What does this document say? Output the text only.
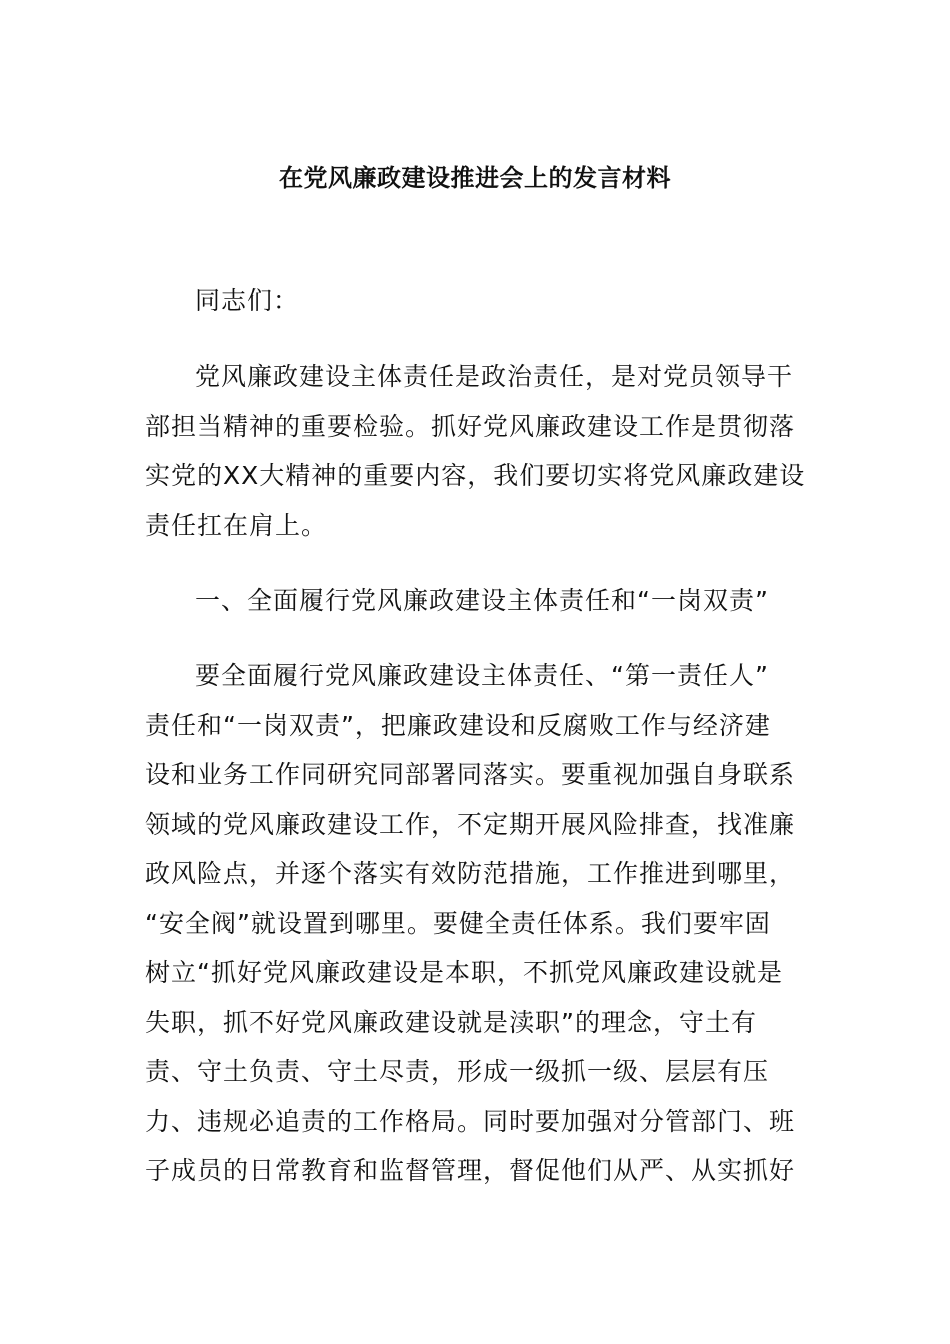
在党风廉政建设推进会上的发言材料
同志们：
党风廉政建设主体责任是政治责任，是对党员领导干
部担当精神的重要检验。抓好党风廉政建设工作是贯彻落
实党的XX大精神的重要内容，我们要切实将党风廉政建设
责任扛在肩上。
一、全面履行党风廉政建设主体责任和“一岗双责”
要全面履行党风廉政建设主体责任、“第一责任人”
责任和“一岗双责”，把廉政建设和反腐败工作与经济建
设和业务工作同研究同部署同落实。要重视加强自身联系
领域的党风廉政建设工作，不定期开展风险排查，找准廉
政风险点，并逐个落实有效防范措施，工作推进到哪里，
“安全阀”就设置到哪里。要健全责任体系。我们要牢固
树立“抓好党风廉政建设是本职，不抓党风廉政建设就是
失职，抓不好党风廉政建设就是渎职”的理念，守土有
责、守土负责、守土尽责，形成一级抓一级、层层有压
力、违规必追责的工作格局。同时要加强对分管部门、班
子成员的日常教育和监督管理，督促他们从严、从实抓好
